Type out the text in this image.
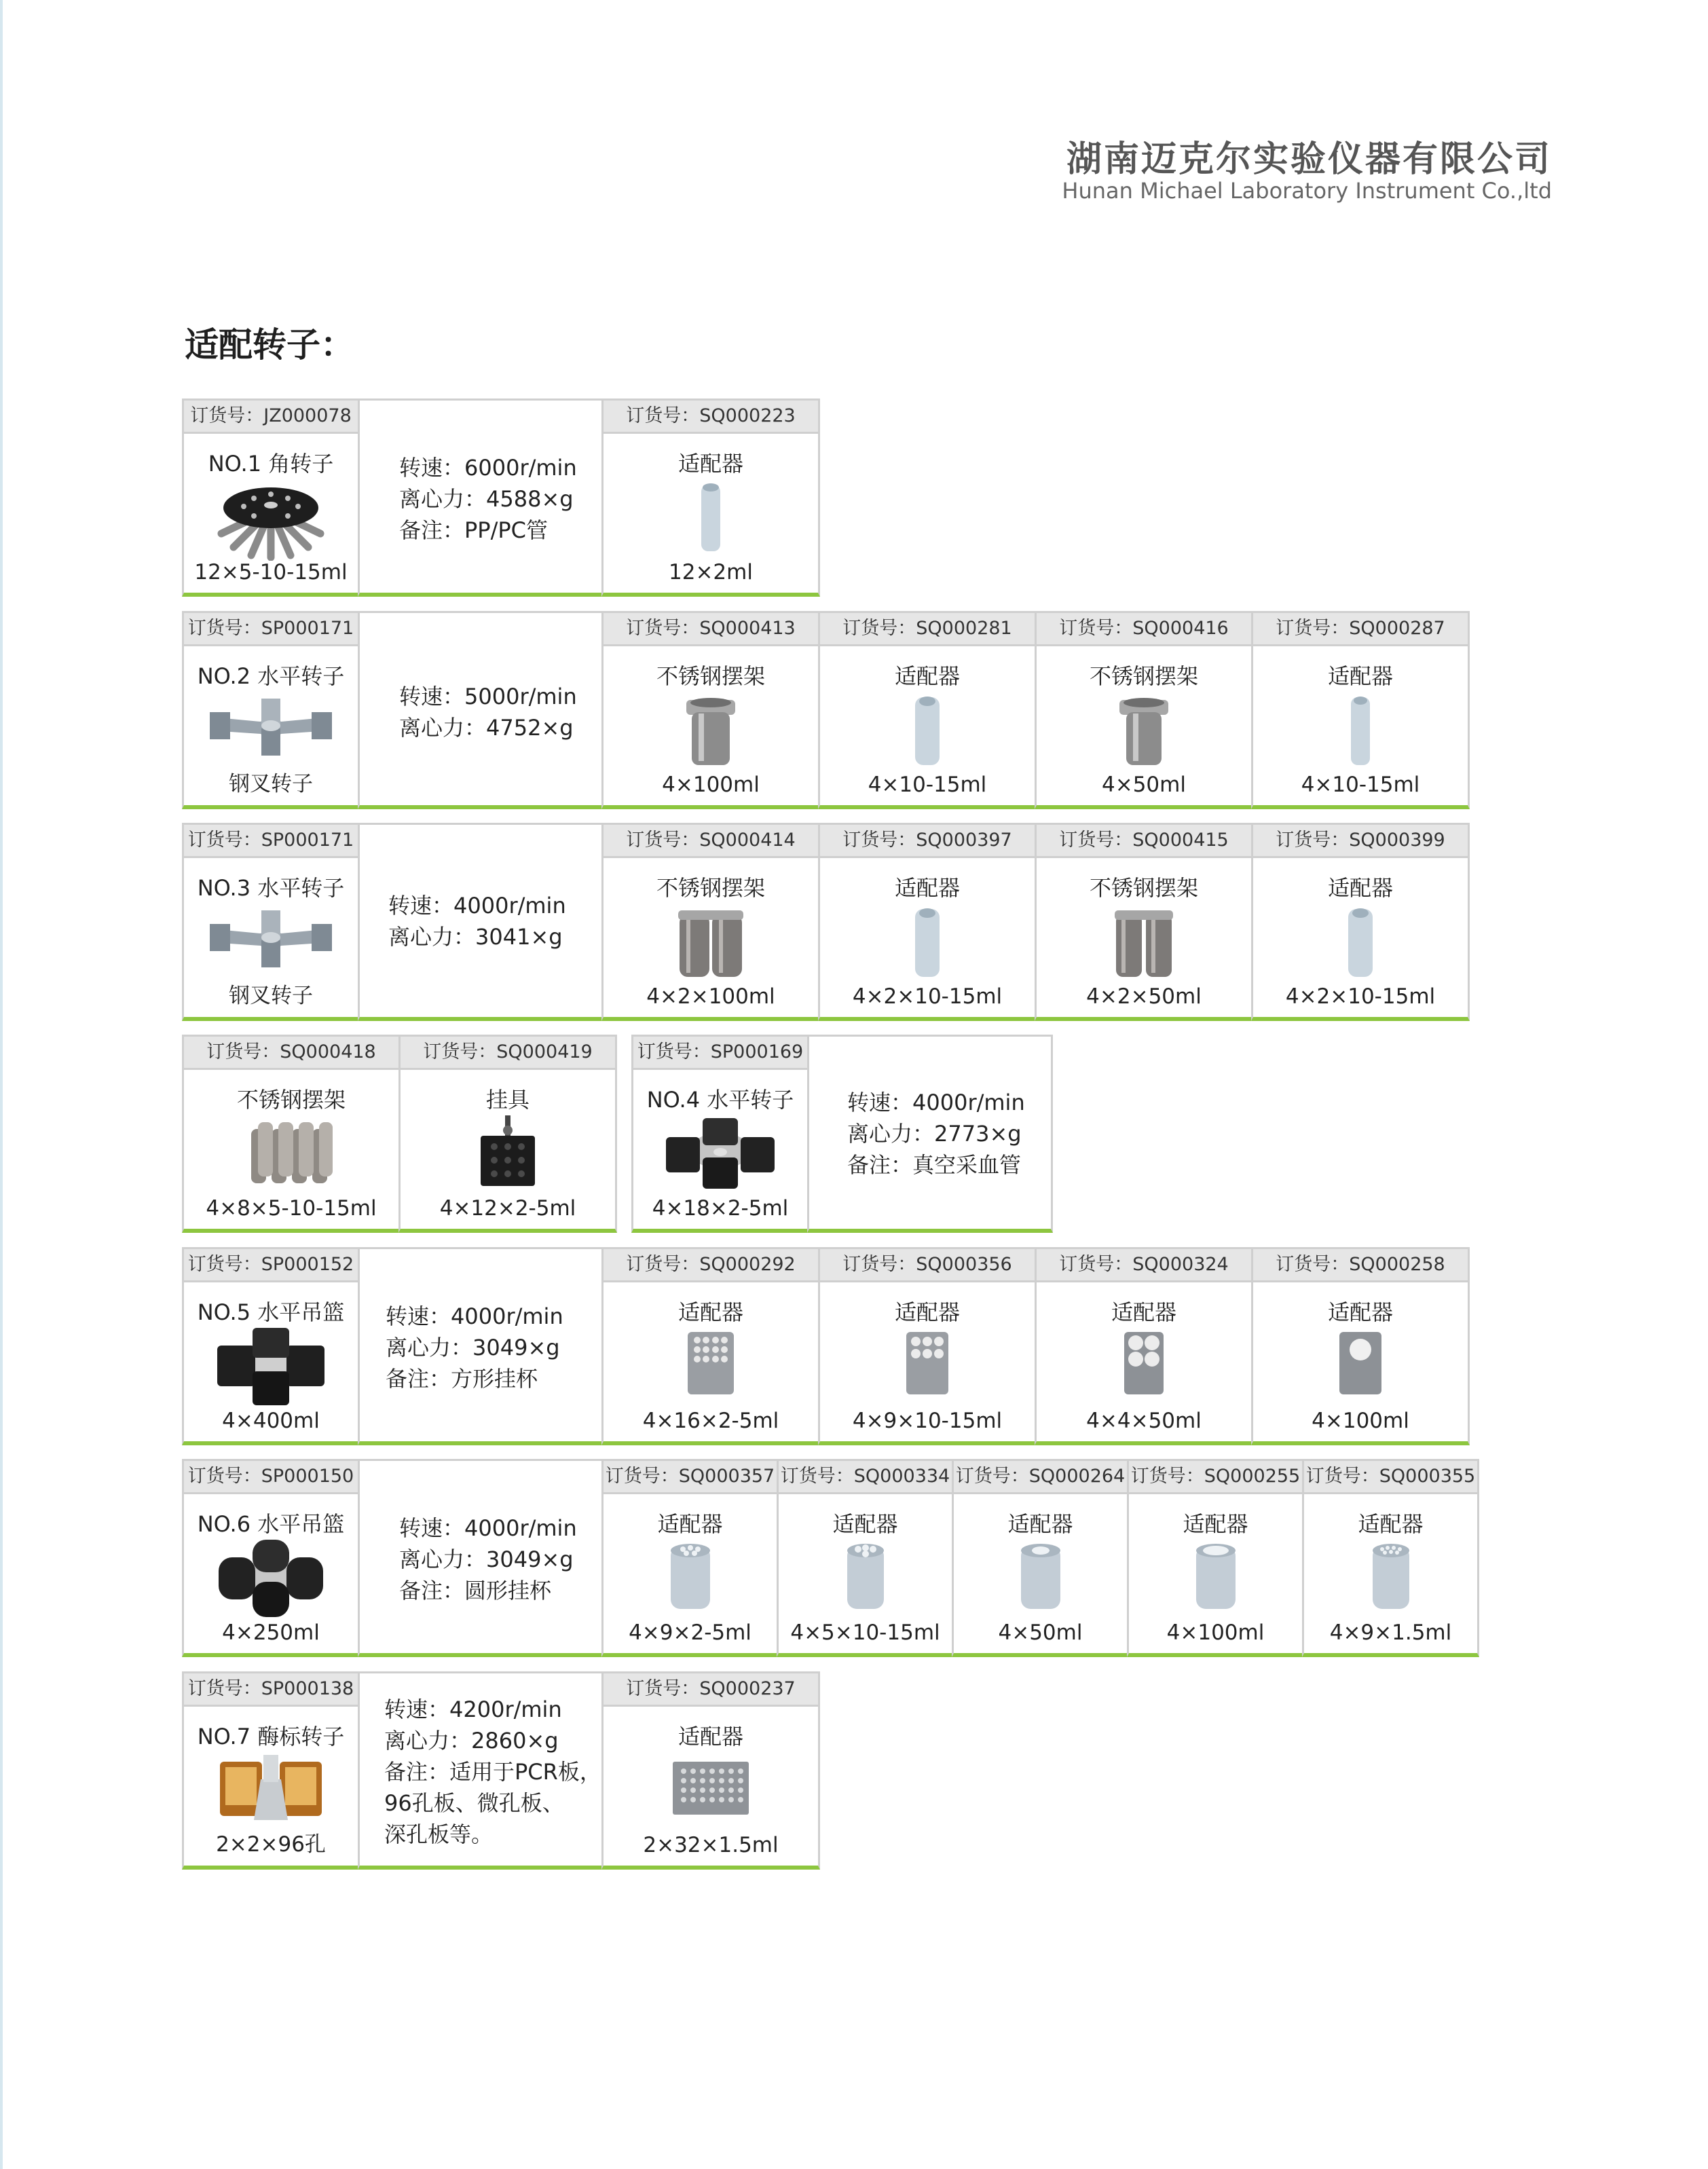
湖南迈克尔实验仪器有限公司
Hunan Michael Laboratory Instrument Co.,ltd
适配转子：
订货号：JZ000078
NO.1 角转子
12×5-10-15ml
转速：6000r/min
离心力：4588×g
备注：PP/PC管
订货号：SQ000223
适配器
12×2ml
订货号：SP000171
NO.2 水平转子
钢叉转子
转速：5000r/min
离心力：4752×g
订货号：SQ000413
不锈钢摆架
4×100ml
订货号：SQ000281
适配器
4×10-15ml
订货号：SQ000416
不锈钢摆架
4×50ml
订货号：SQ000287
适配器
4×10-15ml
订货号：SP000171
NO.3 水平转子
钢叉转子
转速：4000r/min
离心力：3041×g
订货号：SQ000414
不锈钢摆架
4×2×100ml
订货号：SQ000397
适配器
4×2×10-15ml
订货号：SQ000415
不锈钢摆架
4×2×50ml
订货号：SQ000399
适配器
4×2×10-15ml
订货号：SQ000418
不锈钢摆架
4×8×5-10-15ml
订货号：SQ000419
挂具
4×12×2-5ml
订货号：SP000169
NO.4 水平转子
4×18×2-5ml
转速：4000r/min
离心力：2773×g
备注：真空采血管
订货号：SP000152
NO.5 水平吊篮
4×400ml
转速：4000r/min
离心力：3049×g
备注：方形挂杯
订货号：SQ000292
适配器
4×16×2-5ml
订货号：SQ000356
适配器
4×9×10-15ml
订货号：SQ000324
适配器
4×4×50ml
订货号：SQ000258
适配器
4×100ml
订货号：SP000150
NO.6 水平吊篮
4×250ml
转速：4000r/min
离心力：3049×g
备注：圆形挂杯
订货号：SQ000357
适配器
4×9×2-5ml
订货号：SQ000334
适配器
4×5×10-15ml
订货号：SQ000264
适配器
4×50ml
订货号：SQ000255
适配器
4×100ml
订货号：SQ000355
适配器
4×9×1.5ml
订货号：SP000138
NO.7 酶标转子
2×2×96孔
转速：4200r/min
离心力：2860×g
备注：适用于PCR板，
96孔板、微孔板、
深孔板等。
订货号：SQ000237
适配器
2×32×1.5ml
